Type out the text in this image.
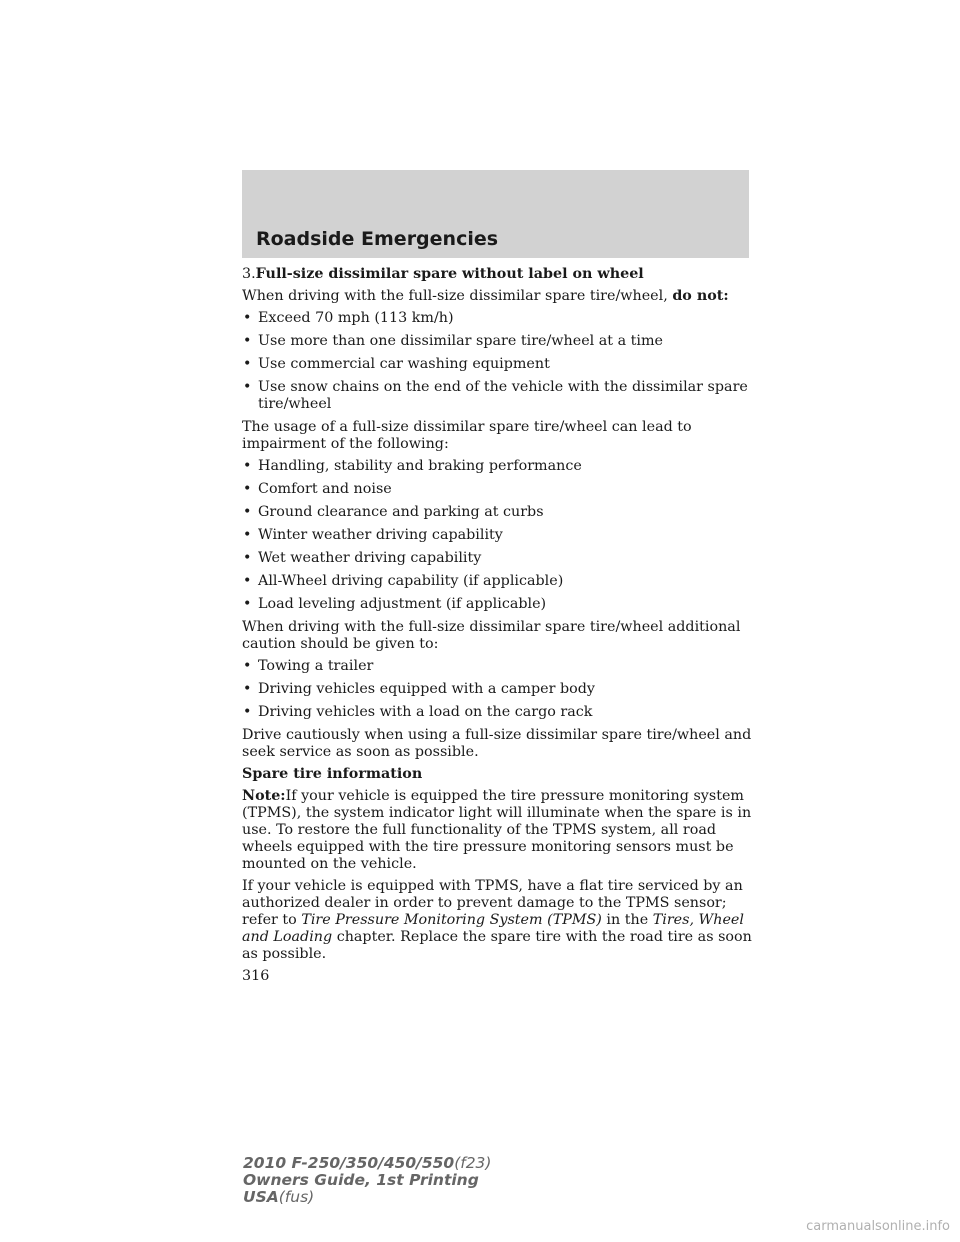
Roadside Emergencies

3.Full-size dissimilar spare without label on wheel

When driving with the full-size dissimilar spare tire/wheel, do not:

• Exceed 70 mph (113 km/h)
• Use more than one dissimilar spare tire/wheel at a time
• Use commercial car washing equipment
• Use snow chains on the end of the vehicle with the dissimilar spare tire/wheel

The usage of a full-size dissimilar spare tire/wheel can lead to impairment of the following:

• Handling, stability and braking performance
• Comfort and noise
• Ground clearance and parking at curbs
• Winter weather driving capability
• Wet weather driving capability
• All-Wheel driving capability (if applicable)
• Load leveling adjustment (if applicable)

When driving with the full-size dissimilar spare tire/wheel additional caution should be given to:

• Towing a trailer
• Driving vehicles equipped with a camper body
• Driving vehicles with a load on the cargo rack

Drive cautiously when using a full-size dissimilar spare tire/wheel and seek service as soon as possible.

Spare tire information

Note:If your vehicle is equipped the tire pressure monitoring system (TPMS), the system indicator light will illuminate when the spare is in use. To restore the full functionality of the TPMS system, all road wheels equipped with the tire pressure monitoring sensors must be mounted on the vehicle.

If your vehicle is equipped with TPMS, have a flat tire serviced by an authorized dealer in order to prevent damage to the TPMS sensor; refer to Tire Pressure Monitoring System (TPMS) in the Tires, Wheel and Loading chapter. Replace the spare tire with the road tire as soon as possible.

316
2010 F-250/350/450/550(f23)
Owners Guide, 1st Printing
USA(fus)
carmanualsonline.info
